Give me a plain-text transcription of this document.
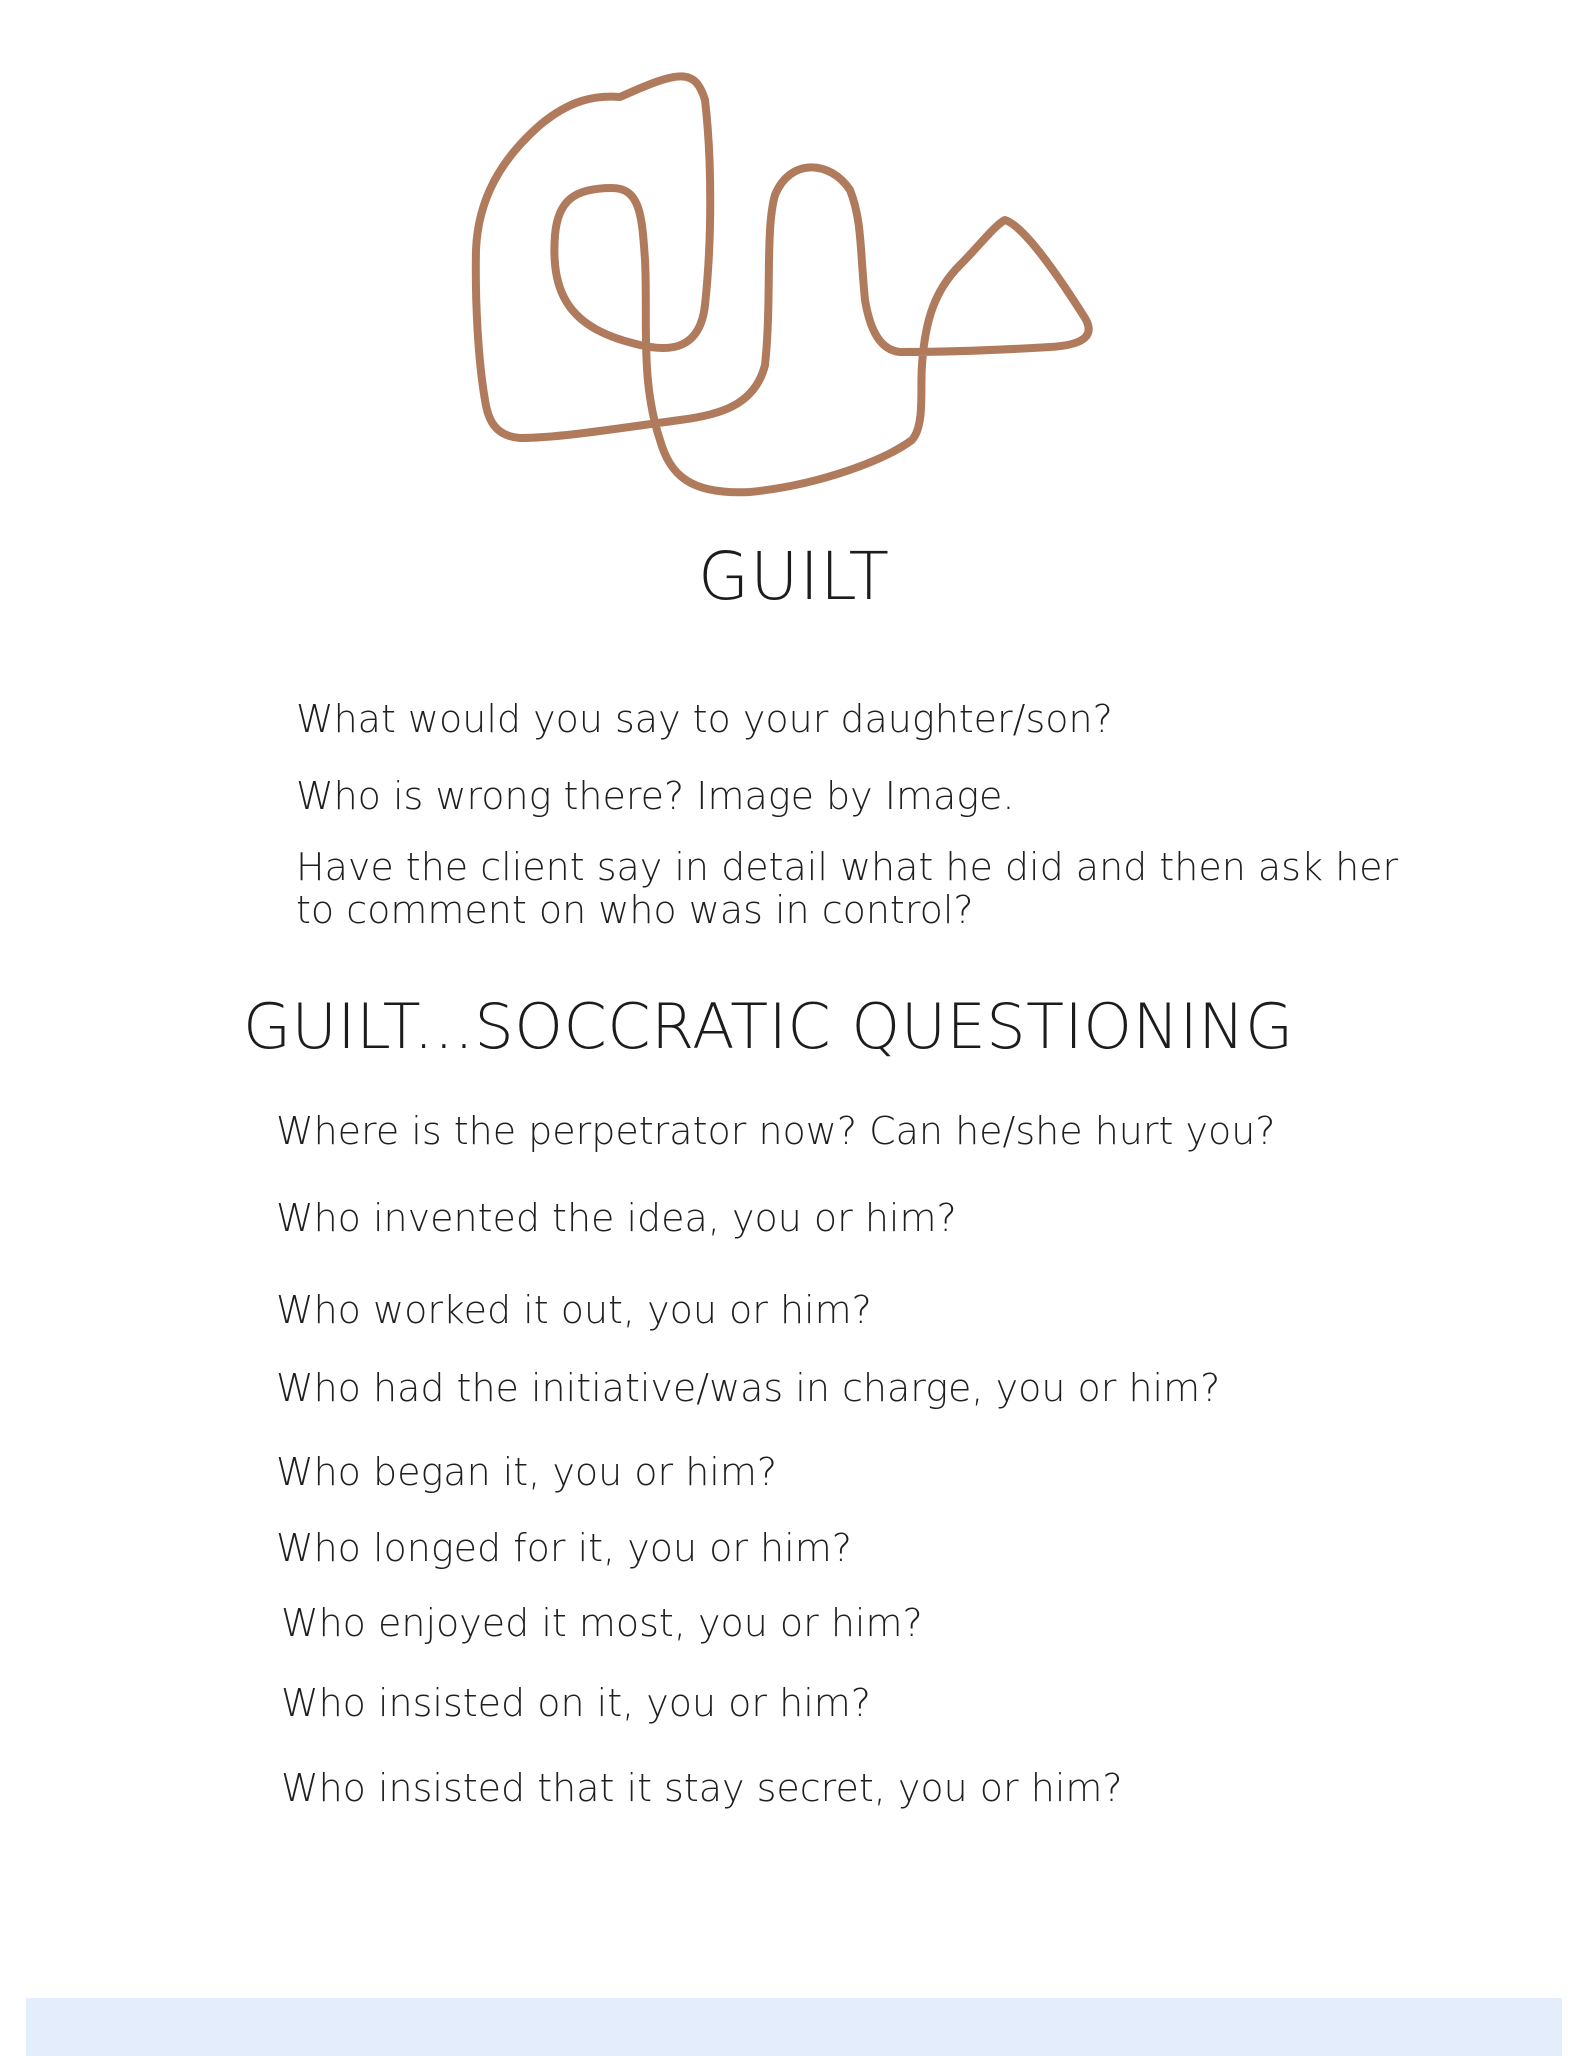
GUILT
What would you say to your daughter/son?
Who is wrong there? Image by Image.
Have the client say in detail what he did and then ask her to comment on who was in control?
GUILT...SOCCRATIC QUESTIONING
Where is the perpetrator now? Can he/she hurt you?
Who invented the idea, you or him?
Who worked it out, you or him?
Who had the initiative/was in charge, you or him?
Who began it, you or him?
Who longed for it, you or him?
Who enjoyed it most, you or him?
Who insisted on it, you or him?
Who insisted that it stay secret, you or him?
